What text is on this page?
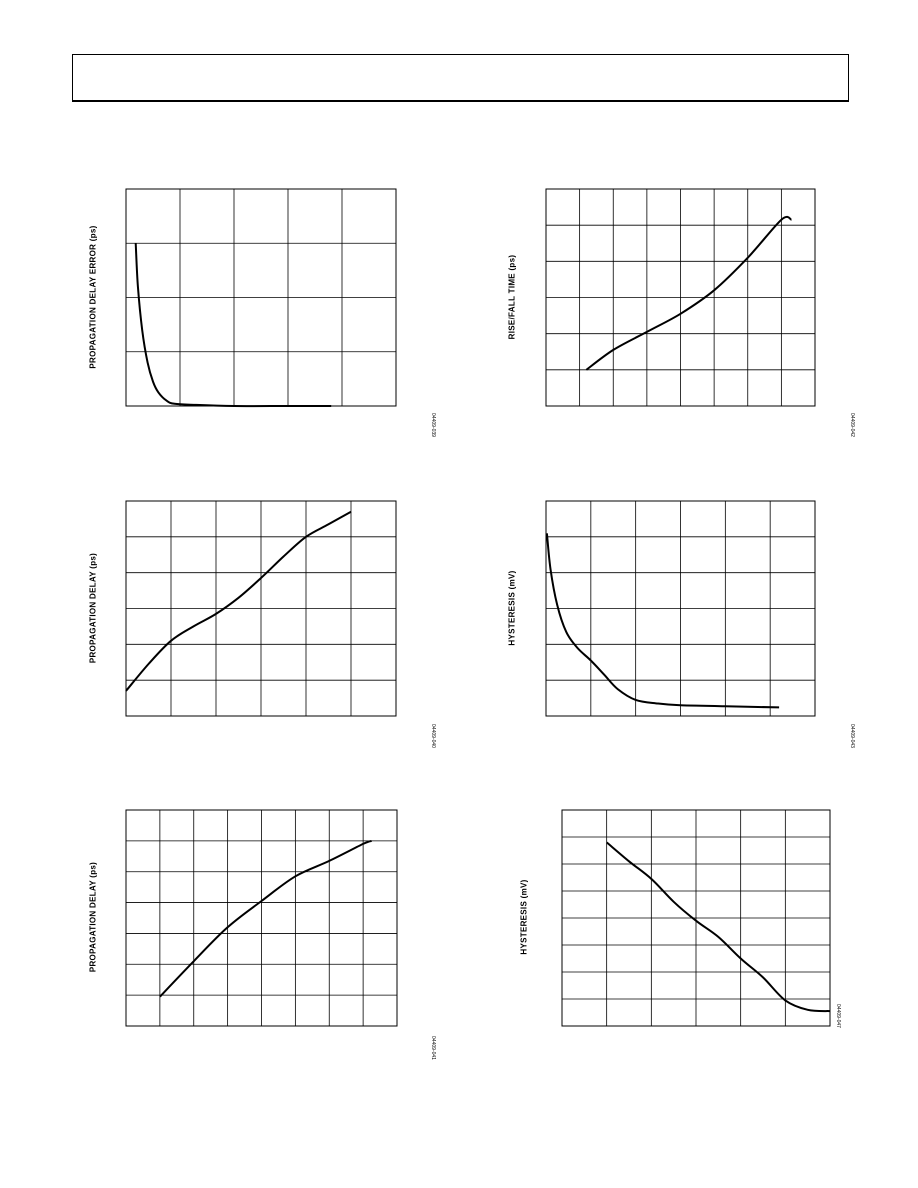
PROPAGATION DELAY ERROR (ps)
04409-039
RISE/FALL TIME (ps)
04409-042
PROPAGATION DELAY (ps)
04409-040
HYSTERESIS (mV)
04409-043
PROPAGATION DELAY (ps)
04409-041
HYSTERESIS (mV)
04409-047
